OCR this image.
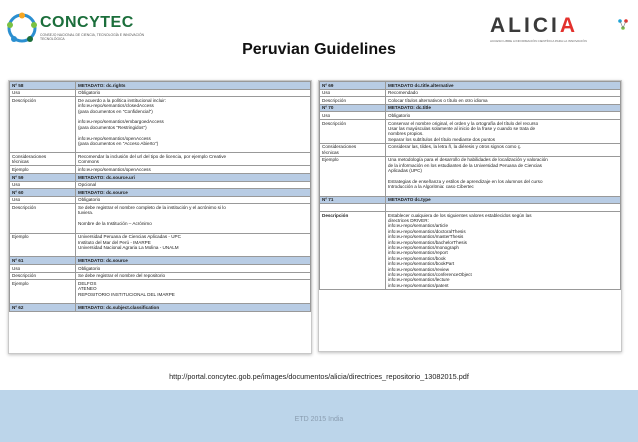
CONCYTEC
CONSEJO NACIONAL DE CIENCIA, TECNOLOGÍA E INNOVACIÓN TECNOLÓGICA
ALICIA
ACCESO LIBRE A INFORMACIÓN CIENTÍFICA PARA LA INNOVACIÓN
Peruvian Guidelines
Nº 58	METADATO: dc.rights
Uso	Obligatorio
Descripción	De acuerdo a la política institucional incluir:
info:eu-repo/semantics/closedAccess
(para documentos en "Confidencial")

info:eu-repo/semantics/embargoedAccess
(para documentos "Restringidos")

info:eu-repo/semantics/openAccess
(para documentos en "Acceso Abierto")

Consideraciones
técnicas
Recomendar la inclusión del url del tipo de licencia, por ejemplo Creative
Commons
Ejemplo	info:eu-repo/semantics/openAccess
Nº 59	METADATO: dc.source.uri
Uso	Opcional
Nº 60	METADATO: dc.source
Uso	Obligatorio
Descripción	Se debe registrar el nombre completo de la institución y el acrónimo si lo
tuviera.

Nombre de la Institución – Acrónimo

Ejemplo	Universidad Peruana de Ciencias Aplicadas - UPC
Instituto del Mar del Perú - IMARPE
Universidad Nacional Agraria La Molina - UNALM

Nº 61	METADATO: dc.source
Uso	Obligatorio
Descripción	Se debe registrar el nombre del repositorio
Ejemplo	DELFOS
ATENEO
REPOSITORIO INSTITUCIONAL DEL IMARPE

Nº 62	METADATO: dc.subject.classification
Nº 69	METADATO dc.title.alternative
Uso	Recomendado
Descripción	Colocar títulos alternativos o título en otro idioma
Nº 70	METADATO: dc.title
Uso	Obligatorio
Descripción	Conservar el nombre original, el orden y la ortografía del título del recurso
Usar las mayúsculas solamente al inicio de la frase y cuando se trata de
nombres propios.
Separar los subtítulos del título mediante dos puntos
Consideraciones
técnicas
Considerar las, tildes, la letra ñ, la diéresis y otros signos como ç.
Ejemplo	Una metodología para el desarrollo de habilidades de localización y valoración
de la información en los estudiantes de la Universidad Peruana de Ciencias
Aplicadas (UPC)

Estrategias de enseñanza y estilos de aprendizaje en los alumnos del curso
Introducción a la Algoritmia: caso Cibertec

Nº 71	METADATO dc.type

Descripción	Establecer cualquiera de los siguientes valores establecidos según las
directrices DRIVER:
info:eu-repo/semantics/article
info:eu-repo/semantics/doctoralThesis
info:eu-repo/semantics/masterThesis
info:eu-repo/semantics/bachelorThesis
info:eu-repo/semantics/monograph
info:eu-repo/semantics/report
info:eu-repo/semantics/book
info:eu-repo/semantics/bookPart
info:eu-repo/semantics/review
info:eu-repo/semantics/conferenceObject
info:eu-repo/semantics/lecture
info:eu-repo/semantics/patent
http://portal.concytec.gob.pe/images/documentos/alicia/directrices_repositorio_13082015.pdf
ETD 2015 India
